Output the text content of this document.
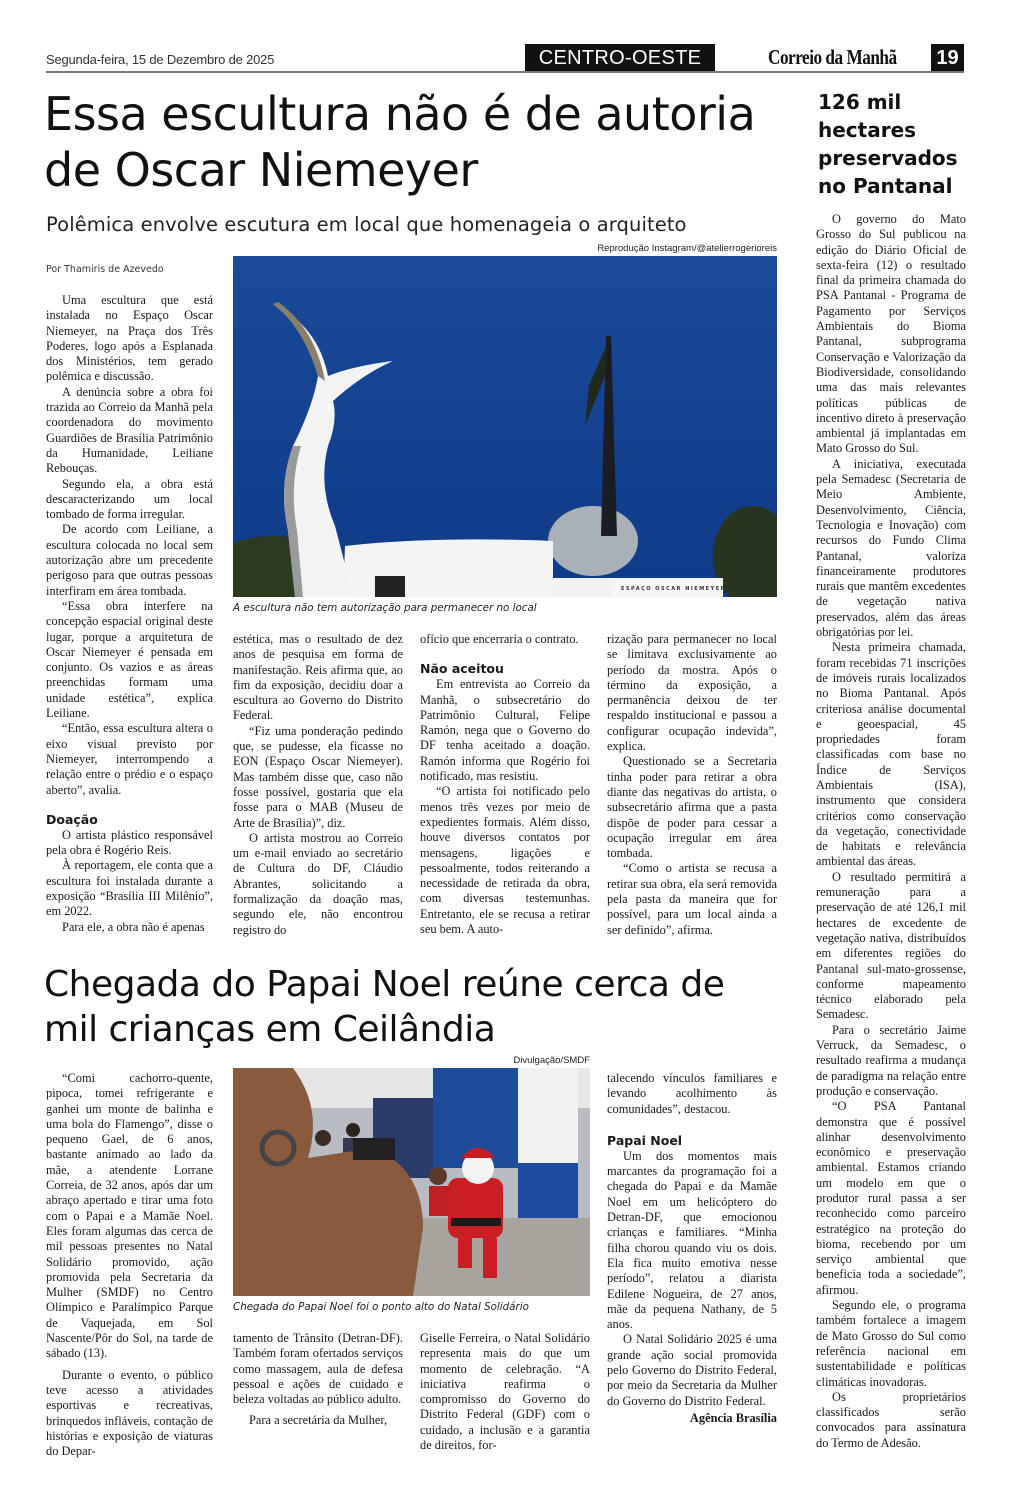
Segunda-feira, 15 de Dezembro de 2025	CENTRO-OESTE	Correio da Manhã 19
Essa escultura não é de autoria de Oscar Niemeyer
Polêmica envolve escutura em local que homenageia o arquiteto
Reprodução Instagram/@atelierrogerioreis
Por Thamiris de Azevedo
ESPAÇO OSCAR NIEMEYER
A escultura não tem autorização para permanecer no local

Uma escultura que está instalada no Espaço Oscar Niemeyer, na Praça dos Três Poderes, logo após a Esplanada dos Ministérios, tem gerado polêmica e discussão.

A denúncia sobre a obra foi trazida ao Correio da Manhã pela coordenadora do movimento Guardiões de Brasília Patrimônio da Humanidade, Leiliane Rebouças.

Segundo ela, a obra está descaracterizando um local tombado de forma irregular.

De acordo com Leiliane, a escultura colocada no local sem autorização abre um precedente perigoso para que outras pessoas interfiram em área tombada.

“Essa obra interfere na concepção espacial original deste lugar, porque a arquitetura de Oscar Niemeyer é pensada em conjunto. Os vazios e as áreas preenchidas formam uma unidade estética”, explica Leiliane.

“Então, essa escultura altera o eixo visual previsto por Niemeyer, interrompendo a relação entre o prédio e o espaço aberto”, avalia.

Doação

O artista plástico responsável pela obra é Rogério Reis.

À reportagem, ele conta que a escultura foi instalada durante a exposição “Brasília III Milênio”, em 2022.

Para ele, a obra não é apenas

estética, mas o resultado de dez anos de pesquisa em forma de manifestação. Reis afirma que, ao fim da exposição, decidiu doar a escultura ao Governo do Distrito Federal.

“Fiz uma ponderação pedindo que, se pudesse, ela ficasse no EON (Espaço Oscar Niemeyer). Mas também disse que, caso não fosse possível, gostaria que ela fosse para o MAB (Museu de Arte de Brasília)”, diz.

O artista mostrou ao Correio um e-mail enviado ao secretário de Cultura do DF, Cláudio Abrantes, solicitando a formalização da doação mas, segundo ele, não encontrou registro do

ofício que encerraria o contrato.

Não aceitou

Em entrevista ao Correio da Manhã, o subsecretário do Patrimônio Cultural, Felipe Ramón, nega que o Governo do DF tenha aceitado a doação. Ramón informa que Rogério foi notificado, mas resistiu.

“O artista foi notificado pelo menos três vezes por meio de expedientes formais. Além disso, houve diversos contatos por mensagens, ligações e pessoalmente, todos reiterando a necessidade de retirada da obra, com diversas testemunhas. Entretanto, ele se recusa a retirar seu bem. A auto-

rização para permanecer no local se limitava exclusivamente ao período da mostra. Após o término da exposição, a permanência deixou de ter respaldo institucional e passou a configurar ocupação indevida”, explica.

Questionado se a Secretaria tinha poder para retirar a obra diante das negativas do artista, o subsecretário afirma que a pasta dispõe de poder para cessar a ocupação irregular em área tombada.

“Como o artista se recusa a retirar sua obra, ela será removida pela pasta da maneira que for possível, para um local ainda a ser definido”, afirma.

126 mil hectares preservados no Pantanal

O governo do Mato Grosso do Sul publicou na edição do Diário Oficial de sexta-feira (12) o resultado final da primeira chamada do PSA Pantanal - Programa de Pagamento por Serviços Ambientais do Bioma Pantanal, subprograma Conservação e Valorização da Biodiversidade, consolidando uma das mais relevantes políticas públicas de incentivo direto à preservação ambiental já implantadas em Mato Grosso do Sul.

A iniciativa, executada pela Semadesc (Secretaria de Meio Ambiente, Desenvolvimento, Ciência, Tecnologia e Inovação) com recursos do Fundo Clima Pantanal, valoriza financeiramente produtores rurais que mantêm excedentes de vegetação nativa preservados, além das áreas obrigatórias por lei.

Nesta primeira chamada, foram recebidas 71 inscrições de imóveis rurais localizados no Bioma Pantanal. Após criteriosa análise documental e geoespacial, 45 propriedades foram classificadas com base no Índice de Serviços Ambientais (ISA), instrumento que considera critérios como conservação da vegetação, conectividade de habitats e relevância ambiental das áreas.

O resultado permitirá a remuneração para a preservação de até 126,1 mil hectares de excedente de vegetação nativa, distribuídos em diferentes regiões do Pantanal sul-mato-grossense, conforme mapeamento técnico elaborado pela Semadesc.

Para o secretário Jaime Verruck, da Semadesc, o resultado reafirma a mudança de paradigma na relação entre produção e conservação.

“O PSA Pantanal demonstra que é possível alinhar desenvolvimento econômico e preservação ambiental. Estamos criando um modelo em que o produtor rural passa a ser reconhecido como parceiro estratégico na proteção do bioma, recebendo por um serviço ambiental que beneficia toda a sociedade”, afirmou.

Segundo ele, o programa também fortalece a imagem de Mato Grosso do Sul como referência nacional em sustentabilidade e políticas climáticas inovadoras.

Os proprietários classificados serão convocados para assinatura do Termo de Adesão.

Chegada do Papai Noel reúne cerca de mil crianças em Ceilândia
Divulgação/SMDF
Chegada do Papai Noel foi o ponto alto do Natal Solidário

“Comi cachorro-quente, pipoca, tomei refrigerante e ganhei um monte de balinha e uma bola do Flamengo”, disse o pequeno Gael, de 6 anos, bastante animado ao lado da mãe, a atendente Lorrane Correia, de 32 anos, após dar um abraço apertado e tirar uma foto com o Papai e a Mamãe Noel. Eles foram algumas das cerca de mil pessoas presentes no Natal Solidário promovido, ação promovida pela Secretaria da Mulher (SMDF) no Centro Olímpico e Paralímpico Parque de Vaquejada, em Sol Nascente/Pôr do Sol, na tarde de sábado (13).

Durante o evento, o público teve acesso a atividades esportivas e recreativas, brinquedos infláveis, contação de histórias e exposição de viaturas do Depar-

tamento de Trânsito (Detran-DF). Também foram ofertados serviços como massagem, aula de defesa pessoal e ações de cuidado e beleza voltadas ao público adulto.

Para a secretária da Mulher,

Giselle Ferreira, o Natal Solidário representa mais do que um momento de celebração. “A iniciativa reafirma o compromisso do Governo do Distrito Federal (GDF) com o cuidado, a inclusão e a garantia de direitos, for-

talecendo vínculos familiares e levando acolhimento às comunidades”, destacou.

Papai Noel

Um dos momentos mais marcantes da programação foi a chegada do Papai e da Mamãe Noel em um helicóptero do Detran-DF, que emocionou crianças e familiares. “Minha filha chorou quando viu os dois. Ela fica muito emotiva nesse período”, relatou a diarista Edilene Nogueira, de 27 anos, mãe da pequena Nathany, de 5 anos.

O Natal Solidário 2025 é uma grande ação social promovida pelo Governo do Distrito Federal, por meio da Secretaria da Mulher do Governo do Distrito Federal.

Agência Brasília
